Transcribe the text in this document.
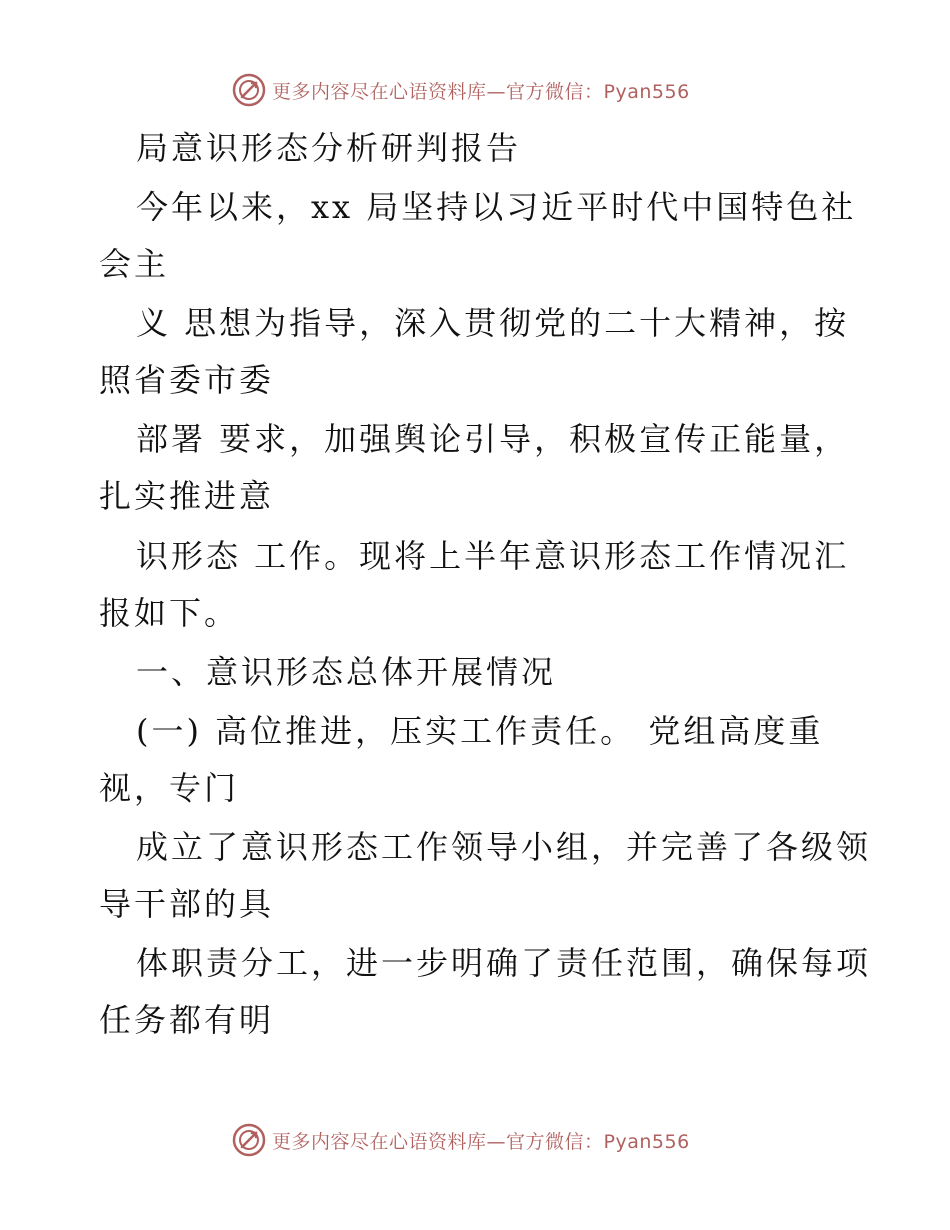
更多内容尽在心语资料库—官方微信：Pyan556
局意识形态分析研判报告
今年以来，xx 局坚持以习近平时代中国特色社
会主
义 思想为指导，深入贯彻党的二十大精神，按
照省委市委
部署 要求，加强舆论引导，积极宣传正能量，
扎实推进意
识形态 工作。现将上半年意识形态工作情况汇
报如下。
一、意识形态总体开展情况
(一) 高位推进，压实工作责任。 党组高度重
视，专门
成立了意识形态工作领导小组，并完善了各级领
导干部的具
体职责分工，进一步明确了责任范围，确保每项
任务都有明
更多内容尽在心语资料库—官方微信：Pyan556
